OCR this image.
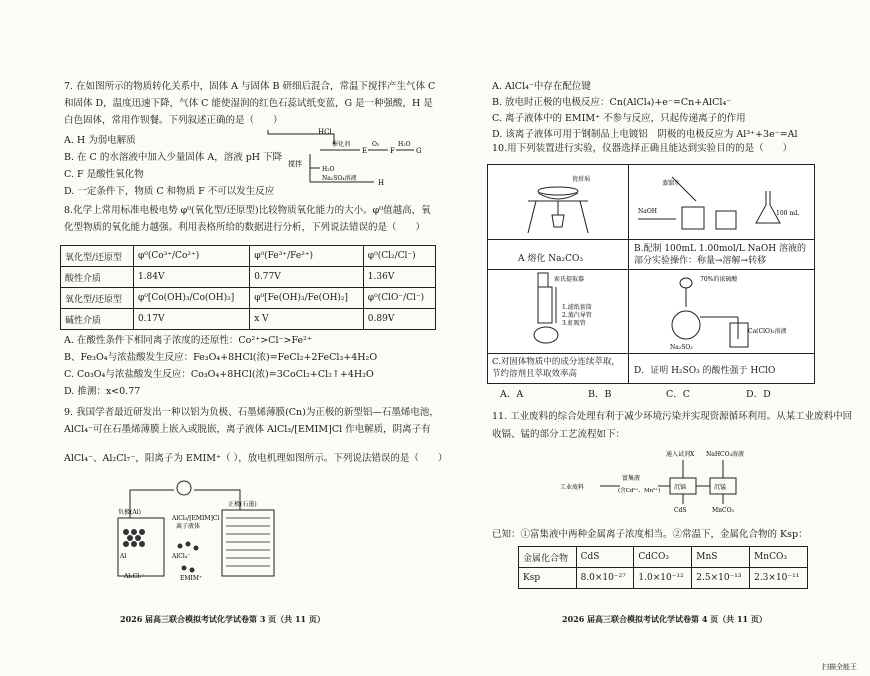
7. 在如图所示的物质转化关系中，固体 A 与固体 B 研细后混合，常温下搅拌产生气体 C
和固体 D，温度迅速下降，气体 C 能使湿润的红色石蕊试纸变蓝，G 是一种强酸，H 是
白色固体，常用作钡餐。下列叙述正确的是（　　）
A. H 为弱电解质
B. 在 C 的水溶液中加入少量固体 A，溶液 pH 下降
C. F 是酸性氧化物
D. 一定条件下，物质 C 和物质 F 不可以发生反应
HCl
催化剂
E
O₂
F
H₂O
G
搅拌
H₂O
Na₂SO₄溶液
H
8.化学上常用标准电极电势 φ⁰(氧化型/还原型)比较物质氧化能力的大小。φ⁰值越高，氧
化型物质的氧化能力越强。利用表格所给的数据进行分析，下列说法错误的是（　　）
氧化型/还原型	φ⁰(Co³⁺/Co²⁺)	φ⁰(Fe³⁺/Fe²⁺)	φ⁰(Cl₂/Cl⁻)
酸性介质	1.84V	0.77V	1.36V
氧化型/还原型	φ⁰[Co(OH)₃/Co(OH)₂]	φ⁰[Fe(OH)₃/Fe(OH)₂]	φ⁰(ClO⁻/Cl⁻)
碱性介质	0.17V	x V	0.89V
A. 在酸性条件下相同离子浓度的还原性：Co²⁺>Cl⁻>Fe²⁺
B、Fe₃O₄与浓盐酸发生反应：Fe₃O₄+8HCl(浓)=FeCl₂+2FeCl₃+4H₂O
C. Co₃O₄与浓盐酸发生反应：Co₃O₄+8HCl(浓)=3CoCl₂+Cl₂↑+4H₂O
D. 推测：x<0.77
9. 我国学者最近研发出一种以铝为负极、石墨烯薄膜(Cn)为正极的新型铝—石墨烯电池，
AlCl₄⁻可在石墨烯薄膜上嵌入或脱嵌，离子液体 AlCl₃/[EMIM]Cl 作电解质，阴离子有
AlCl₄⁻、Al₂Cl₇⁻，阳离子为 EMIM⁺（ ），放电机理如图所示。下列说法错误的是（　　）
负极(Al)
正极(石墨)
AlCl₃/[EMIM]Cl
离子液体
Al	AlCl₄⁻
Al₂Cl₇⁻	EMIM⁺
2026 届高三联合模拟考试化学试卷第 3 页（共 11 页）
A. AlCl₄⁻中存在配位键
B. 放电时正极的电极反应：Cn(AlCl₄)+e⁻=Cn+AlCl₄⁻
C. 离子液体中的 EMIM⁺ 不参与反应，只起传递离子的作用
D. 该离子液体可用于钢制品上电镀铝　阴极的电极反应为 Al³⁺+3e⁻=Al
10.用下列装置进行实验，仪器选择正确且能达到实验目的的是（　　）
瓷坩埚
A 熔化 Na₂CO₃
NaOH
蒸馏水
100 mL
B.配制 100mL 1.00mol/L NaOH 溶液的部分实验操作：称量→溶解→转移
索氏提取器
1.滤纸套筒
2.蒸汽导管
3.虹吸管
C.对固体物质中的成分连续萃取，节约溶剂且萃取效率高
70%的浓硫酸
Na₂SO₃
Ca(ClO)₂溶液
D．证明 H₂SO₃ 的酸性强于 HClO
A．A	B．B	C．C	D．D
11. 工业废料的综合处理有利于减少环境污染并实现资源循环利用。从某工业废料中回
收镉、锰的部分工艺流程如下：
工业废料
富集液
(含Cd²⁺、Mn²⁺)
通入试剂X NaHCO₃溶液
沉镉	沉锰
CdS	MnCO₃
已知：①富集液中两种金属离子浓度相当。②常温下，金属化合物的 Ksp：
金属化合物	CdS	CdCO₃	MnS	MnCO₃
Ksp	8.0×10⁻²⁷	1.0×10⁻¹²	2.5×10⁻¹³	2.3×10⁻¹¹
2026 届高三联合模拟考试化学试卷第 4 页（共 11 页）
扫描全能王
